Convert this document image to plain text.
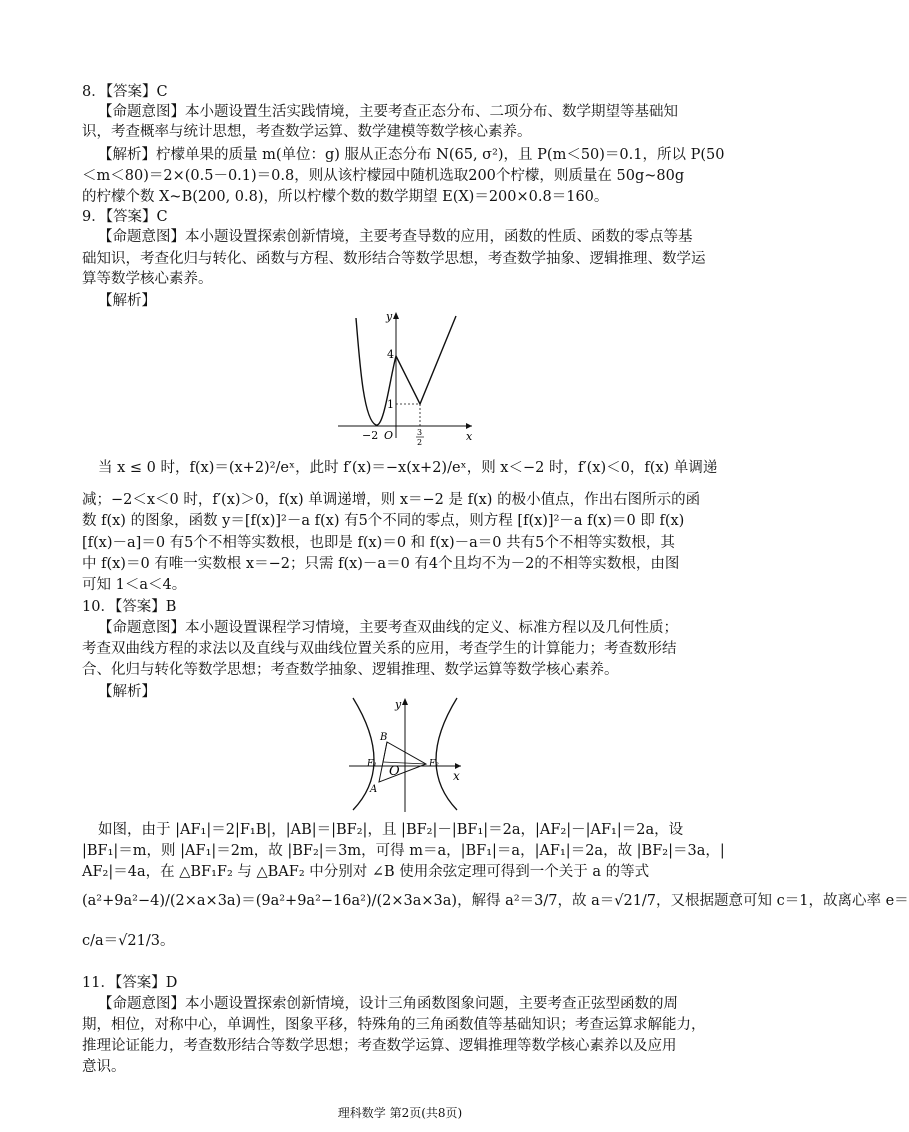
8．【答案】C
【命题意图】本小题设置生活实践情境，主要考查正态分布、二项分布、数学期望等基础知
识，考查概率与统计思想，考查数学运算、数学建模等数学核心素养。
【解析】柠檬单果的质量 m(单位：g) 服从正态分布 N(65, σ²)，且 P(m＜50)＝0.1，所以 P(50
＜m＜80)＝2×(0.5－0.1)＝0.8，则从该柠檬园中随机选取200个柠檬，则质量在 50g~80g
的柠檬个数 X~B(200, 0.8)，所以柠檬个数的数学期望 E(X)＝200×0.8＝160。
9．【答案】C
【命题意图】本小题设置探索创新情境，主要考查导数的应用，函数的性质、函数的零点等基
础知识，考查化归与转化、函数与方程、数形结合等数学思想，考查数学抽象、逻辑推理、数学运
算等数学核心素养。
【解析】
y
x
4
1
−2 O	3
2
当 x ≤ 0 时，f(x)＝(x+2)²/eˣ，此时 f′(x)＝−x(x+2)/eˣ，则 x＜−2 时，f′(x)＜0，f(x) 单调递
减；−2＜x＜0 时，f′(x)＞0，f(x) 单调递增，则 x＝−2 是 f(x) 的极小值点，作出右图所示的函
数 f(x) 的图象，函数 y＝[f(x)]²－a f(x) 有5个不同的零点，则方程 [f(x)]²－a f(x)＝0 即 f(x)
[f(x)－a]＝0 有5个不相等实数根，也即是 f(x)＝0 和 f(x)－a＝0 共有5个不相等实数根，其
中 f(x)＝0 有唯一实数根 x＝−2；只需 f(x)－a＝0 有4个且均不为－2的不相等实数根，由图
可知 1＜a＜4。
10．【答案】B
【命题意图】本小题设置课程学习情境，主要考查双曲线的定义、标准方程以及几何性质；
考查双曲线方程的求法以及直线与双曲线位置关系的应用，考查学生的计算能力；考查数形结
合、化归与转化等数学思想；考查数学抽象、逻辑推理、数学运算等数学核心素养。
【解析】
B
A
F₁	F₂
O
y
x
如图，由于 |AF₁|＝2|F₁B|，|AB|＝|BF₂|，且 |BF₂|－|BF₁|＝2a，|AF₂|－|AF₁|＝2a，设
|BF₁|＝m，则 |AF₁|＝2m，故 |BF₂|＝3m，可得 m＝a，|BF₁|＝a，|AF₁|＝2a，故 |BF₂|＝3a，|
AF₂|＝4a，在 △BF₁F₂ 与 △BAF₂ 中分别对 ∠B 使用余弦定理可得到一个关于 a 的等式
(a²+9a²−4)/(2×a×3a)＝(9a²+9a²−16a²)/(2×3a×3a)，解得 a²＝3/7，故 a＝√21/7，又根据题意可知 c＝1，故离心率 e＝
c/a＝√21/3。
11．【答案】D
【命题意图】本小题设置探索创新情境，设计三角函数图象问题，主要考查正弦型函数的周
期，相位，对称中心，单调性，图象平移，特殊角的三角函数值等基础知识；考查运算求解能力，
推理论证能力，考查数形结合等数学思想；考查数学运算、逻辑推理等数学核心素养以及应用
意识。
理科数学 第2页(共8页)
